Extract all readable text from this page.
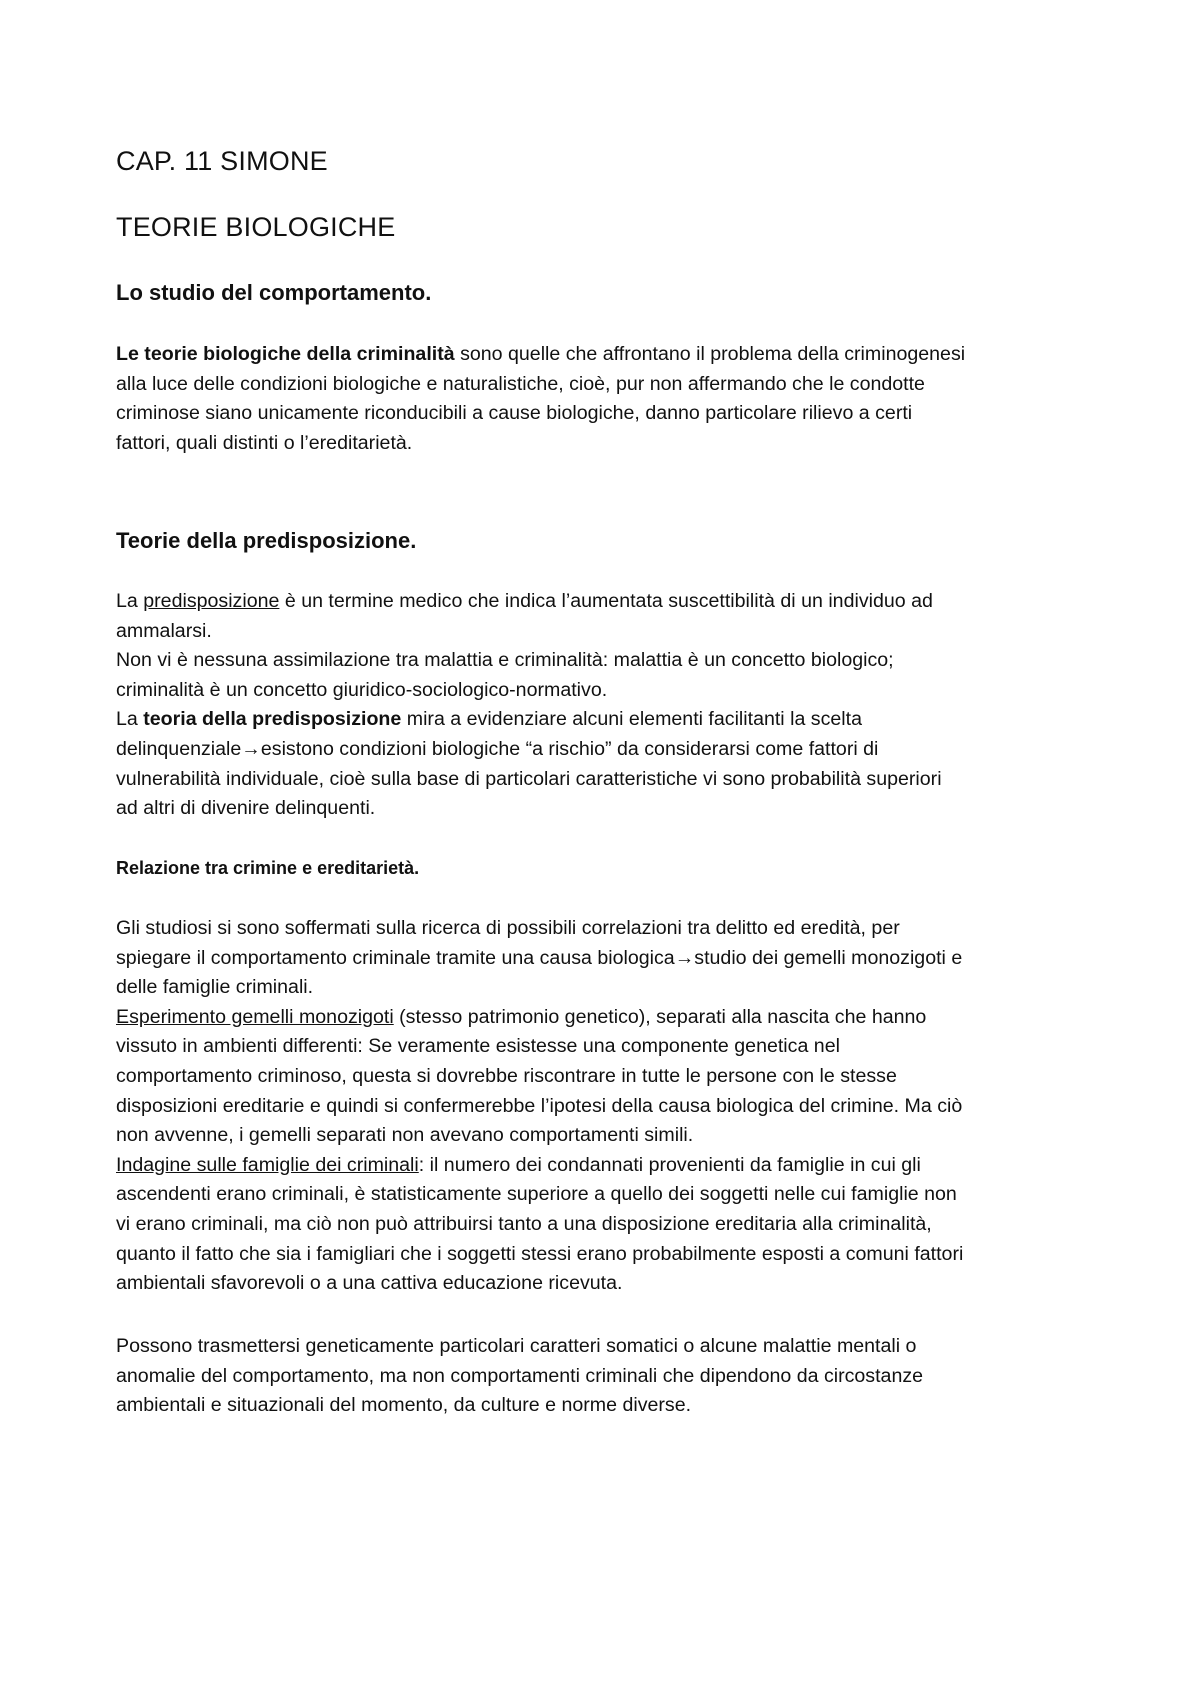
CAP. 11 SIMONE
TEORIE BIOLOGICHE
Lo studio del comportamento.

Le teorie biologiche della criminalità sono quelle che affrontano il problema della criminogenesi
alla luce delle condizioni biologiche e naturalistiche, cioè, pur non affermando che le condotte
criminose siano unicamente riconducibili a cause biologiche, danno particolare rilievo a certi
fattori, quali distinti o l’ereditarietà.

Teorie della predisposizione.

La predisposizione è un termine medico che indica l’aumentata suscettibilità di un individuo ad
ammalarsi.
Non vi è nessuna assimilazione tra malattia e criminalità: malattia è un concetto biologico;
criminalità è un concetto giuridico-sociologico-normativo.
La teoria della predisposizione mira a evidenziare alcuni elementi facilitanti la scelta
delinquenziale→esistono condizioni biologiche “a rischio” da considerarsi come fattori di
vulnerabilità individuale, cioè sulla base di particolari caratteristiche vi sono probabilità superiori
ad altri di divenire delinquenti.

Relazione tra crimine e ereditarietà.

Gli studiosi si sono soffermati sulla ricerca di possibili correlazioni tra delitto ed eredità, per
spiegare il comportamento criminale tramite una causa biologica→studio dei gemelli monozigoti e
delle famiglie criminali.
Esperimento gemelli monozigoti (stesso patrimonio genetico), separati alla nascita che hanno
vissuto in ambienti differenti: Se veramente esistesse una componente genetica nel
comportamento criminoso, questa si dovrebbe riscontrare in tutte le persone con le stesse
disposizioni ereditarie e quindi si confermerebbe l’ipotesi della causa biologica del crimine. Ma ciò
non avvenne, i gemelli separati non avevano comportamenti simili.
Indagine sulle famiglie dei criminali: il numero dei condannati provenienti da famiglie in cui gli
ascendenti erano criminali, è statisticamente superiore a quello dei soggetti nelle cui famiglie non
vi erano criminali, ma ciò non può attribuirsi tanto a una disposizione ereditaria alla criminalità,
quanto il fatto che sia i famigliari che i soggetti stessi erano probabilmente esposti a comuni fattori
ambientali sfavorevoli o a una cattiva educazione ricevuta.

Possono trasmettersi geneticamente particolari caratteri somatici o alcune malattie mentali o
anomalie del comportamento, ma non comportamenti criminali che dipendono da circostanze
ambientali e situazionali del momento, da culture e norme diverse.
